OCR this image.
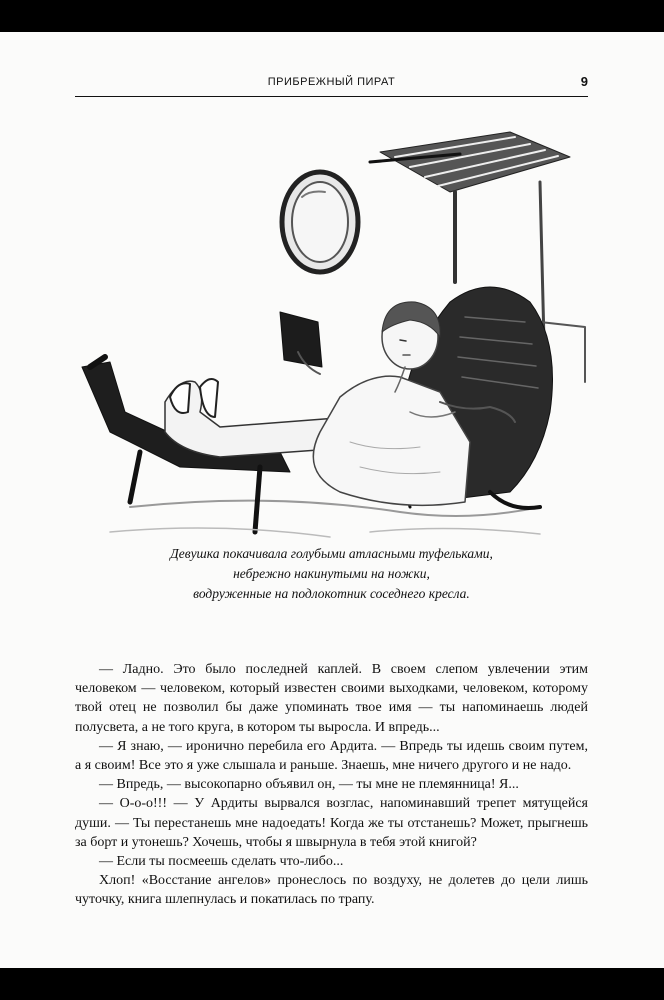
ПРИБРЕЖНЫЙ ПИРАТ	9
Девушка покачивала голубыми атласными туфельками,
небрежно накинутыми на ножки,
водруженные на подлокотник соседнего кресла.

— Ладно. Это было последней каплей. В своем слепом увлечении этим человеком — человеком, который известен своими выходками, человеком, которому твой отец не позволил бы даже упоминать твое имя — ты напоминаешь людей полусвета, а не того круга, в котором ты выросла. И впредь...

— Я знаю, — иронично перебила его Ардита. — Впредь ты идешь своим путем, а я своим! Все это я уже слышала и раньше. Знаешь, мне ничего другого и не надо.

— Впредь, — высокопарно объявил он, — ты мне не племянница! Я...

— О-о-о!!! — У Ардиты вырвался возглас, напоминавший трепет мятущейся души. — Ты перестанешь мне надоедать! Когда же ты отстанешь? Может, прыгнешь за борт и утонешь? Хочешь, чтобы я швырнула в тебя этой книгой?

— Если ты посмеешь сделать что-либо...

Хлоп! «Восстание ангелов» пронеслось по воздуху, не долетев до цели лишь чуточку, книга шлепнулась и покатилась по трапу.
